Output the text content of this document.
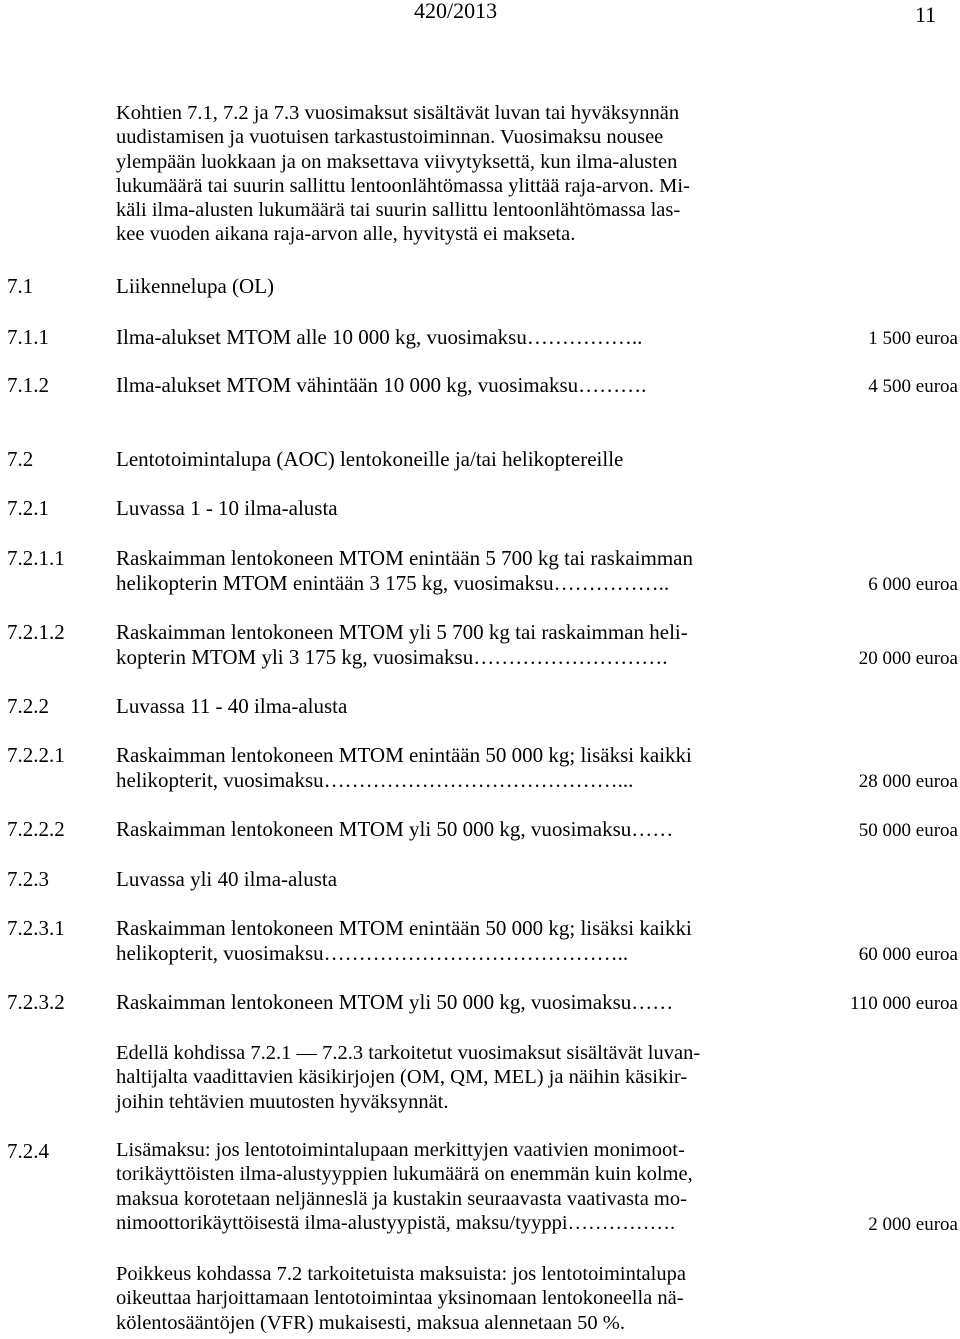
420/2013	11
Kohtien 7.1, 7.2 ja 7.3 vuosimaksut sisältävät luvan tai hyväksynnän
uudistamisen ja vuotuisen tarkastustoiminnan. Vuosimaksu nousee
ylempään luokkaan ja on maksettava viivytyksettä, kun ilma-alusten
lukumäärä tai suurin sallittu lentoonlähtömassa ylittää raja-arvon. Mi-
käli ilma-alusten lukumäärä tai suurin sallittu lentoonlähtömassa las-
kee vuoden aikana raja-arvon alle, hyvitystä ei makseta.
7.1	Liikennelupa (OL)
7.1.1	Ilma-alukset MTOM alle 10 000 kg, vuosimaksu……………..	1 500 euroa
7.1.2	Ilma-alukset MTOM vähintään 10 000 kg, vuosimaksu……….	4 500 euroa
7.2	Lentotoimintalupa (AOC) lentokoneille ja/tai helikoptereille
7.2.1	Luvassa 1 - 10 ilma-alusta
7.2.1.1 Raskaimman lentokoneen MTOM enintään 5 700 kg tai raskaimman
helikopterin MTOM enintään 3 175 kg, vuosimaksu……………..	6 000 euroa
7.2.1.2 Raskaimman lentokoneen MTOM yli 5 700 kg tai raskaimman heli-
kopterin MTOM yli 3 175 kg, vuosimaksu……………………….	20 000 euroa
7.2.2	Luvassa 11 - 40 ilma-alusta
7.2.2.1 Raskaimman lentokoneen MTOM enintään 50 000 kg; lisäksi kaikki
helikopterit, vuosimaksu……………………………………...	28 000 euroa
7.2.2.2 Raskaimman lentokoneen MTOM yli 50 000 kg, vuosimaksu……	50 000 euroa
7.2.3	Luvassa yli 40 ilma-alusta
7.2.3.1 Raskaimman lentokoneen MTOM enintään 50 000 kg; lisäksi kaikki
helikopterit, vuosimaksu……………………………………..	60 000 euroa
7.2.3.2 Raskaimman lentokoneen MTOM yli 50 000 kg, vuosimaksu……	110 000 euroa
Edellä kohdissa 7.2.1 — 7.2.3 tarkoitetut vuosimaksut sisältävät luvan-
haltijalta vaadittavien käsikirjojen (OM, QM, MEL) ja näihin käsikir-
joihin tehtävien muutosten hyväksynnät.
7.2.4	Lisämaksu: jos lentotoimintalupaan merkittyjen vaativien monimoot-
torikäyttöisten ilma-alustyyppien lukumäärä on enemmän kuin kolme,
maksua korotetaan neljänneslä ja kustakin seuraavasta vaativasta mo-
nimoottorikäyttöisestä ilma-alustyypistä, maksu/tyyppi…………….	2 000 euroa
Poikkeus kohdassa 7.2 tarkoitetuista maksuista: jos lentotoimintalupa
oikeuttaa harjoittamaan lentotoimintaa yksinomaan lentokoneella nä-
kölentosääntöjen (VFR) mukaisesti, maksua alennetaan 50 %.
